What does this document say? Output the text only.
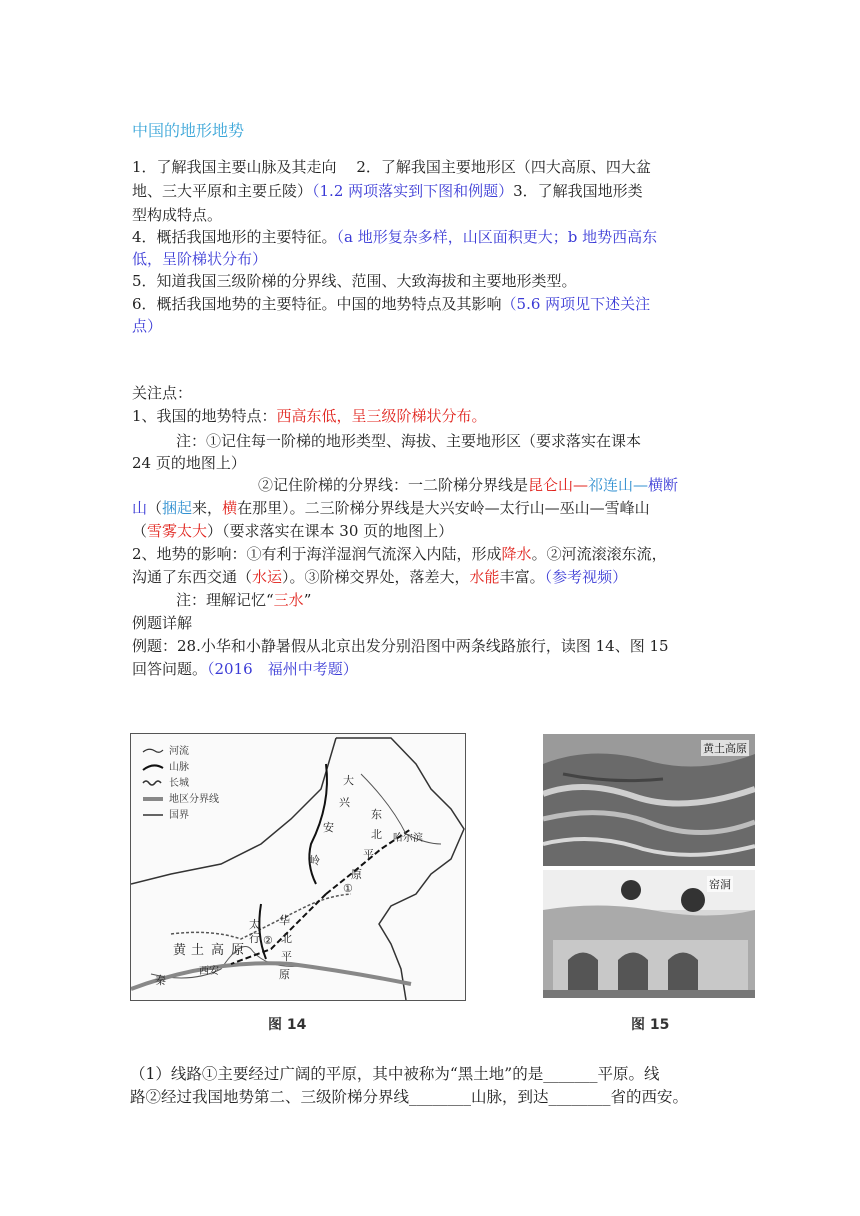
中国的地形地势
1．了解我国主要山脉及其走向　 2．了解我国主要地形区（四大高原、四大盆
地、三大平原和主要丘陵）（1.2 两项落实到下图和例题）3．了解我国地形类
型构成特点。
4．概括我国地形的主要特征。（a 地形复杂多样，山区面积更大；b 地势西高东
低，呈阶梯状分布）
5．知道我国三级阶梯的分界线、范围、大致海拔和主要地形类型。
6．概括我国地势的主要特征。中国的地势特点及其影响（5.6 两项见下述关注
点）
关注点：
1、我国的地势特点：西高东低，呈三级阶梯状分布。
注：①记住每一阶梯的地形类型、海拔、主要地形区（要求落实在课本
24 页的地图上）
②记住阶梯的分界线：一二阶梯分界线是昆仑山—祁连山—横断
山（捆起来，横在那里）。二三阶梯分界线是大兴安岭—太行山—巫山—雪峰山
（雪雾太大）（要求落实在课本 30 页的地图上）
2、地势的影响：①有利于海洋湿润气流深入内陆，形成降水。②河流滚滚东流，
沟通了东西交通（水运）。③阶梯交界处，落差大，水能丰富。（参考视频）
注：理解记忆“三水”
例题详解
例题：28.小华和小静暑假从北京出发分别沿图中两条线路旅行，读图 14、图 15
回答问题。（2016　福州中考题）
河流
山脉
长城
地区分界线
国界
大
兴
安
岭
东
北
平
原
哈尔滨
①
黄 土 高 原
太
行
华
北
平
原
②
西安
秦
图 14
黄土高原
窑洞
图 15
（1）线路①主要经过广阔的平原，其中被称为“黑土地”的是_______平原。线
路②经过我国地势第二、三级阶梯分界线________山脉，到达________省的西安。
